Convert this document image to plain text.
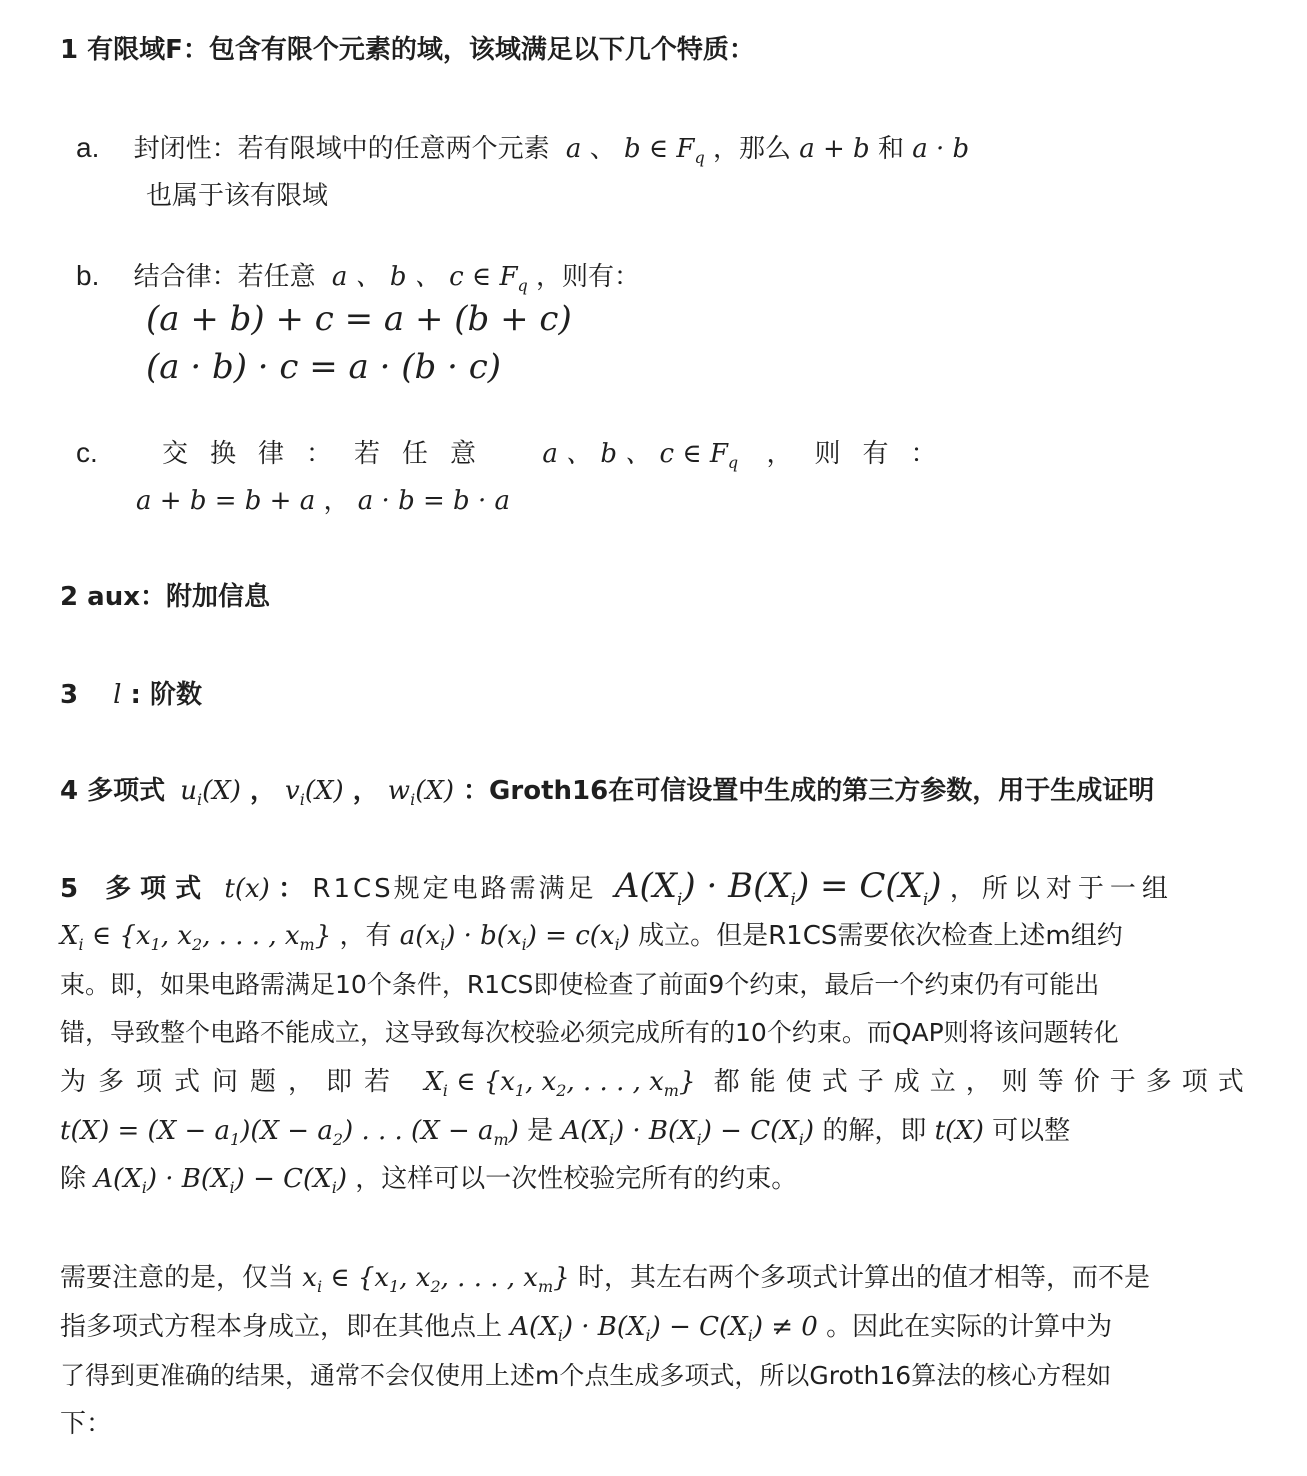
1 有限域F：包含有限个元素的域，该域满足以下几个特质：
a. 封闭性：若有限域中的任意两个元素 a 、 b ∈ $F_q$ ，那么 a + b 和 a · b
也属于该有限域
b. 结合律：若任意 a 、 b 、 c ∈ $F_q$ ，则有：
(a + b) + c = a + (b + c)
(a · b) · c = a · (b · c)
c. 交换律：若任意 a 、 b 、 c ∈ $F_q$ ，则有：
a + b = b + a ， a · b = b · a
2 aux：附加信息
3 l : 阶数
4 多项式 $u_i(X)$ ， $v_i(X)$ ， $w_i(X)$ ：Groth16在可信设置中生成的第三方参数，用于生成证明
5 多项式 t(x) ： R1CS规定电路需满足 $A(X_i) \cdot B(X_i) = C(X_i)$ ，所以对于一组
$X_i$ ∈ {$x_1$, $x_2$, . . . , $x_m$} ，有 $a(x_i) \cdot b(x_i) = c(x_i)$ 成立。但是R1CS需要依次检查上述m组约
束。即，如果电路需满足10个条件，R1CS即使检查了前面9个约束，最后一个约束仍有可能出
错，导致整个电路不能成立，这导致每次校验必须完成所有的10个约束。而QAP则将该问题转化
为多项式问题，即若 $X_i$ ∈ {$x_1$, $x_2$, . . . , $x_m$} 都能使式子成立，则等价于多项式
$t(X) = (X - a_1)(X - a_2)$ . . . $(X - a_m)$ 是 $A(X_i) \cdot B(X_i) - C(X_i)$ 的解，即 t(X) 可以整
除 $A(X_i) \cdot B(X_i) - C(X_i)$ ，这样可以一次性校验完所有的约束。
需要注意的是，仅当 $x_i$ ∈ {$x_1$, $x_2$, . . . , $x_m$} 时，其左右两个多项式计算出的值才相等，而不是
指多项式方程本身成立，即在其他点上 $A(X_i) \cdot B(X_i) - C(X_i) \ne 0$ 。因此在实际的计算中为
了得到更准确的结果，通常不会仅使用上述m个点生成多项式，所以Groth16算法的核心方程如
下：
